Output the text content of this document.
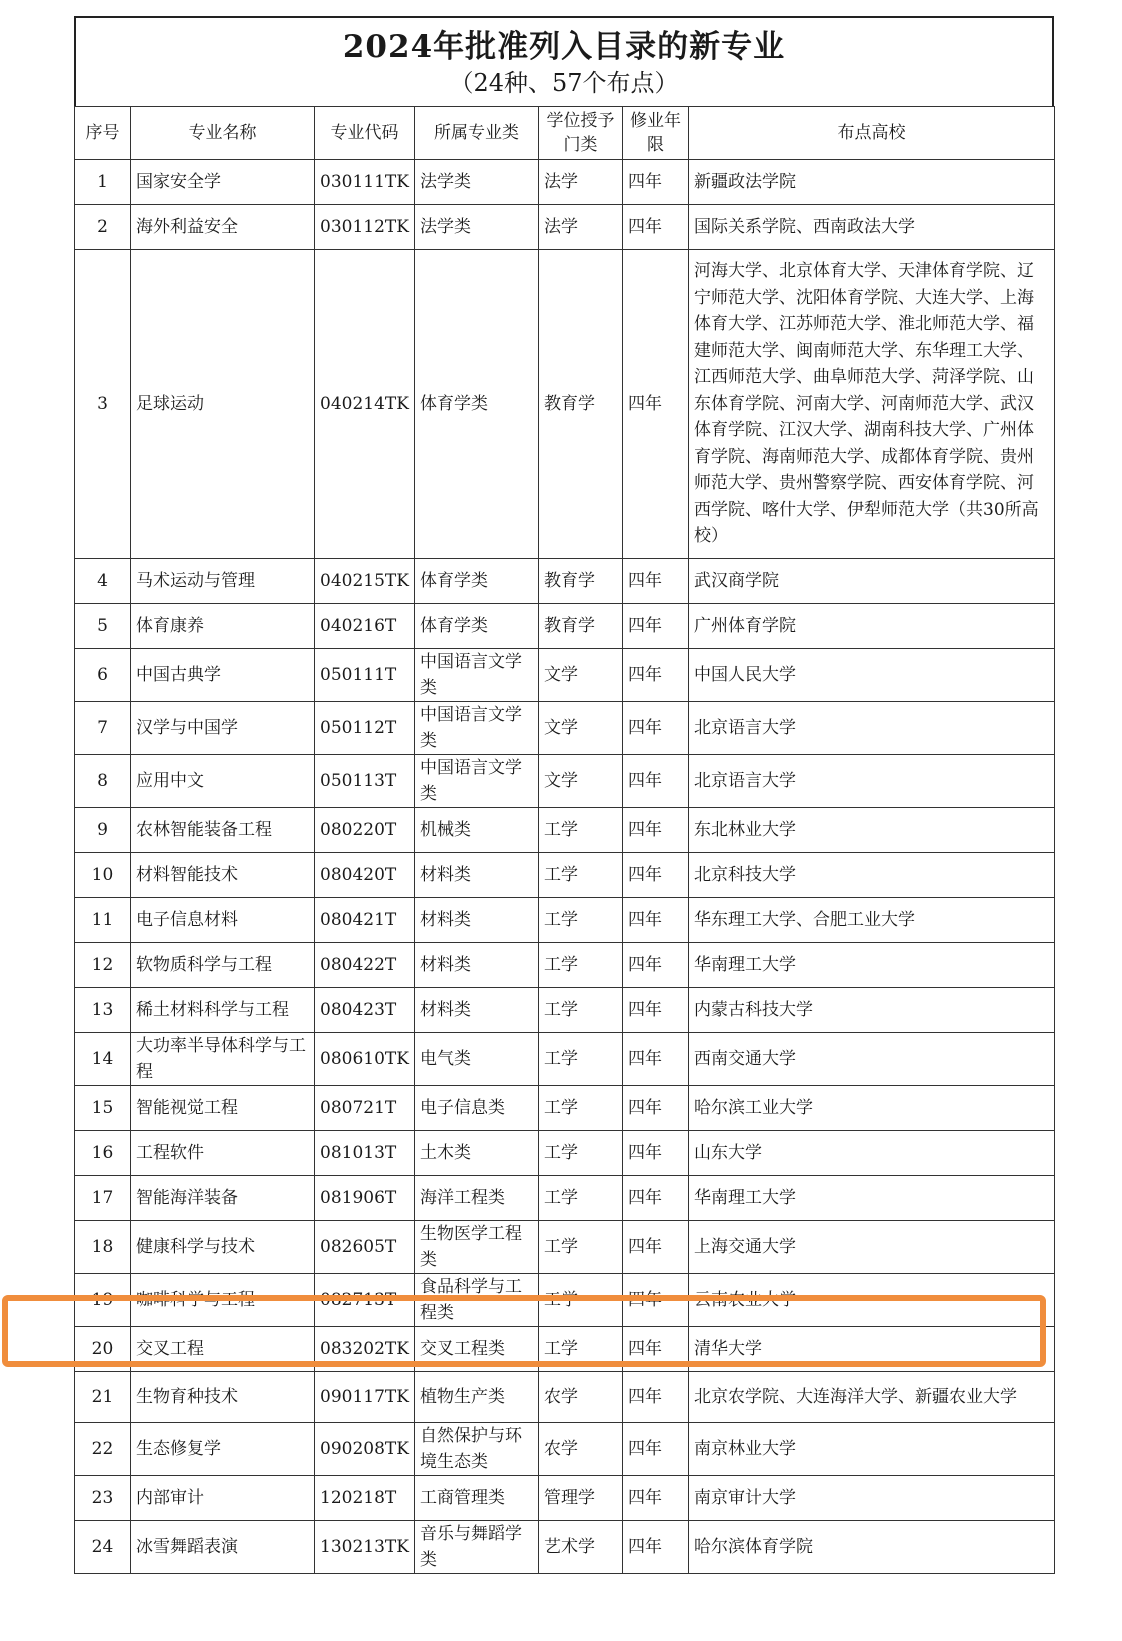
2024年批准列入目录的新专业
（24种、57个布点）
序号	专业名称	专业代码	所属专业类	学位授予门类	修业年限	布点高校
1	国家安全学	030111TK	法学类	法学	四年	新疆政法学院
2	海外利益安全	030112TK	法学类	法学	四年	国际关系学院、西南政法大学
3	足球运动	040214TK	体育学类	教育学	四年	河海大学、北京体育大学、天津体育学院、辽宁师范大学、沈阳体育学院、大连大学、上海体育大学、江苏师范大学、淮北师范大学、福建师范大学、闽南师范大学、东华理工大学、江西师范大学、曲阜师范大学、菏泽学院、山东体育学院、河南大学、河南师范大学、武汉体育学院、江汉大学、湖南科技大学、广州体育学院、海南师范大学、成都体育学院、贵州师范大学、贵州警察学院、西安体育学院、河西学院、喀什大学、伊犁师范大学（共30所高校）
4	马术运动与管理	040215TK	体育学类	教育学	四年	武汉商学院
5	体育康养	040216T	体育学类	教育学	四年	广州体育学院
6	中国古典学	050111T	中国语言文学类	文学	四年	中国人民大学
7	汉学与中国学	050112T	中国语言文学类	文学	四年	北京语言大学
8	应用中文	050113T	中国语言文学类	文学	四年	北京语言大学
9	农林智能装备工程	080220T	机械类	工学	四年	东北林业大学
10	材料智能技术	080420T	材料类	工学	四年	北京科技大学
11	电子信息材料	080421T	材料类	工学	四年	华东理工大学、合肥工业大学
12	软物质科学与工程	080422T	材料类	工学	四年	华南理工大学
13	稀土材料科学与工程	080423T	材料类	工学	四年	内蒙古科技大学
14	大功率半导体科学与工程	080610TK	电气类	工学	四年	西南交通大学
15	智能视觉工程	080721T	电子信息类	工学	四年	哈尔滨工业大学
16	工程软件	081013T	土木类	工学	四年	山东大学
17	智能海洋装备	081906T	海洋工程类	工学	四年	华南理工大学
18	健康科学与技术	082605T	生物医学工程类	工学	四年	上海交通大学
19	咖啡科学与工程	082713T	食品科学与工程类	工学	四年	云南农业大学
20	交叉工程	083202TK	交叉工程类	工学	四年	清华大学
21	生物育种技术	090117TK	植物生产类	农学	四年	北京农学院、大连海洋大学、新疆农业大学
22	生态修复学	090208TK	自然保护与环境生态类	农学	四年	南京林业大学
23	内部审计	120218T	工商管理类	管理学	四年	南京审计大学
24	冰雪舞蹈表演	130213TK	音乐与舞蹈学类	艺术学	四年	哈尔滨体育学院
